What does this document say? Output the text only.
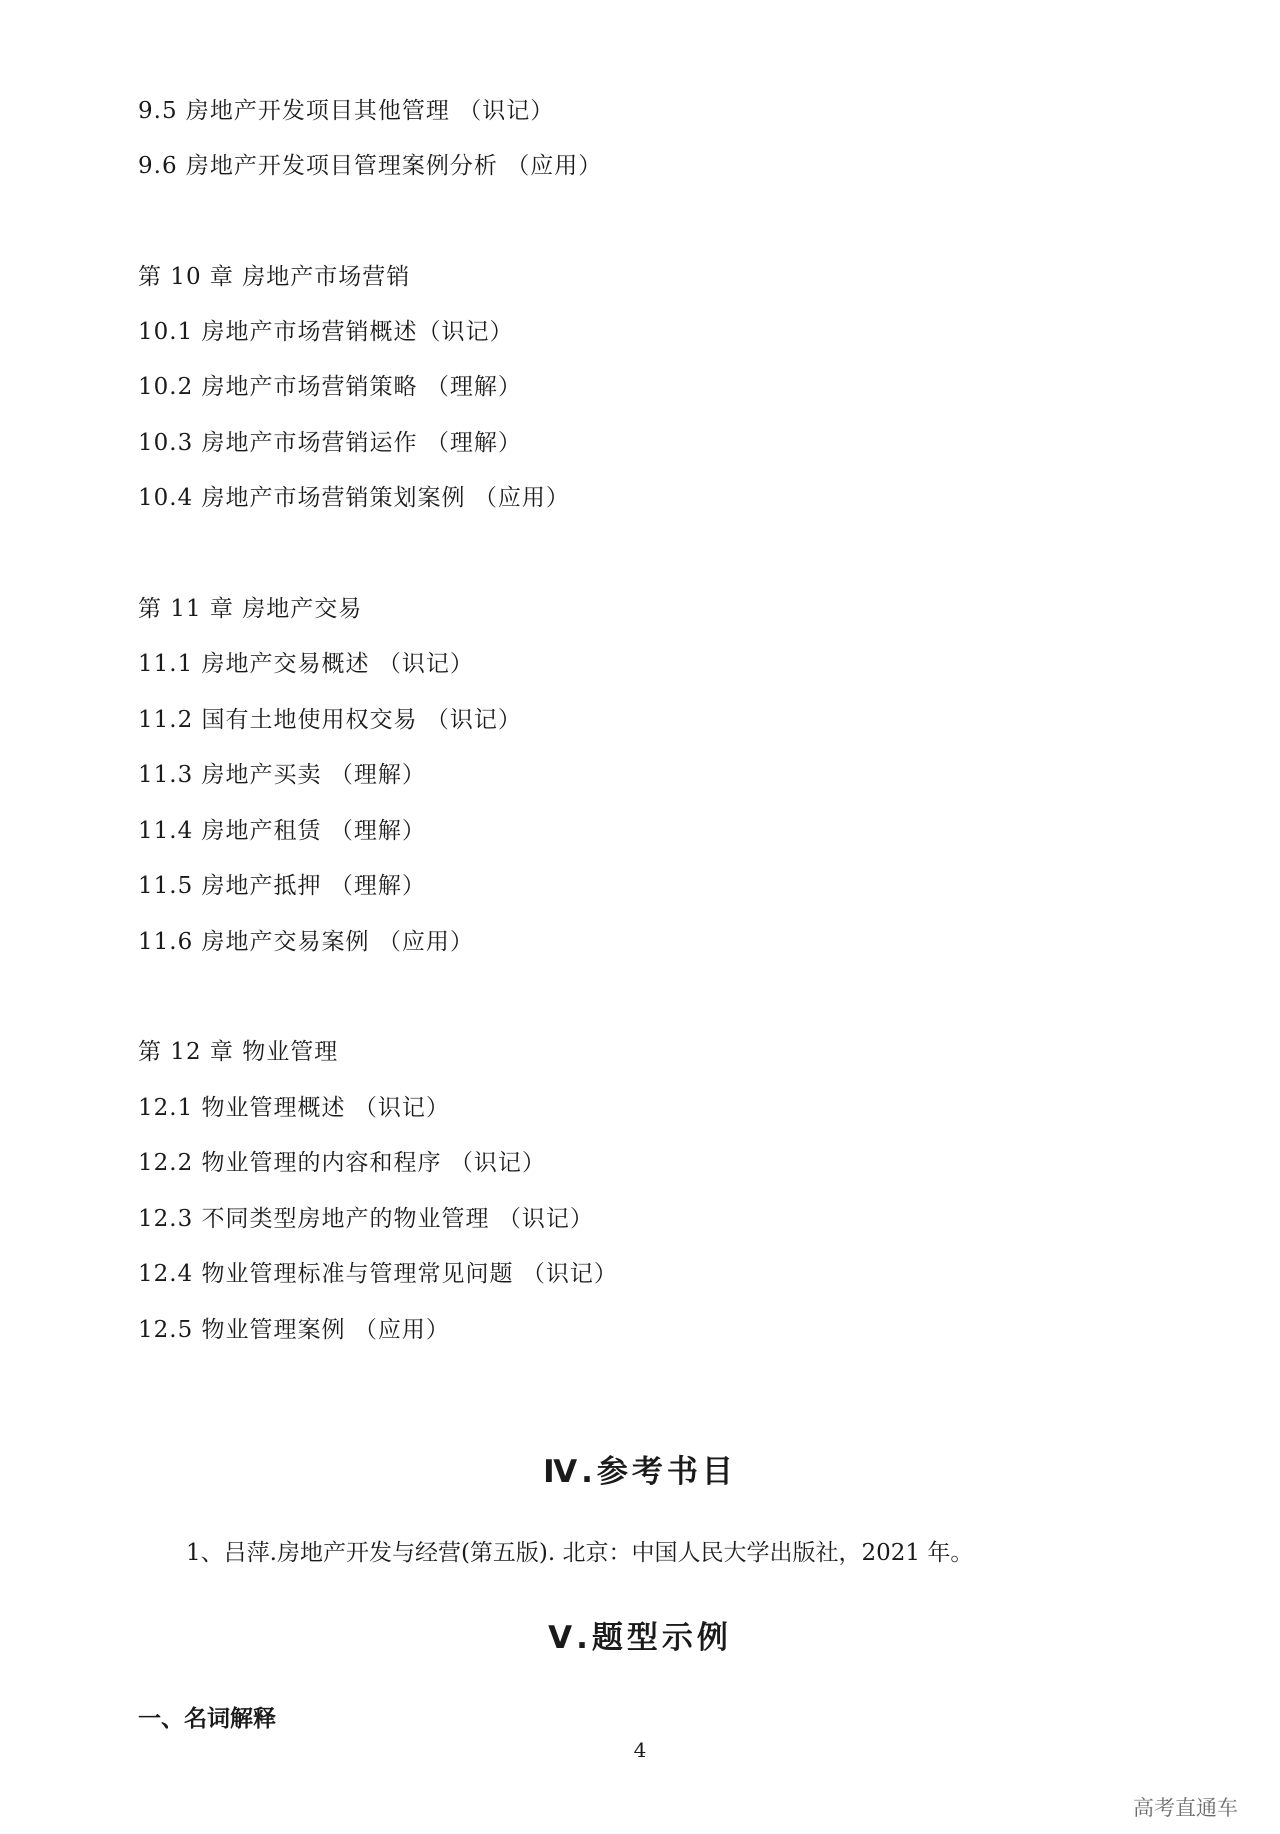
9.5 房地产开发项目其他管理 （识记）
9.6 房地产开发项目管理案例分析 （应用）
第 10 章 房地产市场营销
10.1 房地产市场营销概述（识记）
10.2 房地产市场营销策略 （理解）
10.3 房地产市场营销运作 （理解）
10.4 房地产市场营销策划案例 （应用）
第 11 章 房地产交易
11.1 房地产交易概述 （识记）
11.2 国有土地使用权交易 （识记）
11.3 房地产买卖 （理解）
11.4 房地产租赁 （理解）
11.5 房地产抵押 （理解）
11.6 房地产交易案例 （应用）
第 12 章 物业管理
12.1 物业管理概述 （识记）
12.2 物业管理的内容和程序 （识记）
12.3 不同类型房地产的物业管理 （识记）
12.4 物业管理标准与管理常见问题 （识记）
12.5 物业管理案例 （应用）
Ⅳ.参考书目
1、吕萍.房地产开发与经营(第五版). 北京：中国人民大学出版社，2021 年。
Ⅴ.题型示例
一、名词解释
4
高考直通车
